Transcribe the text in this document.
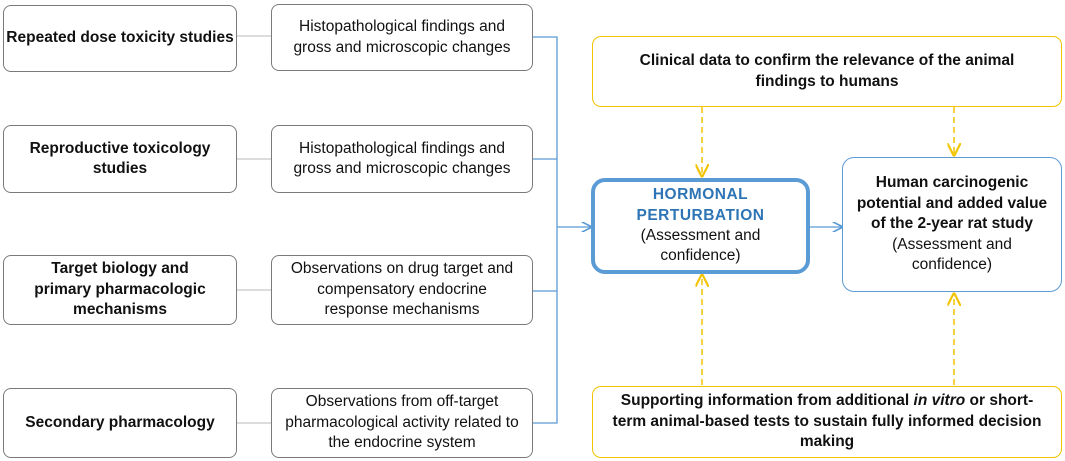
Repeated dose toxicity studies
Reproductive toxicology studies
Target biology and primary pharmacologic mechanisms
Secondary pharmacology
Histopathological findings and gross and microscopic changes
Histopathological findings and gross and microscopic changes
Observations on drug target and compensatory endocrine response mechanisms
Observations from off-target pharmacological activity related to the endocrine system
Clinical data to confirm the relevance of the animal findings to humans
HORMONAL PERTURBATION
(Assessment and confidence)
Human carcinogenic potential and added value of the 2-year rat study (Assessment and confidence)
Supporting information from additional in vitro or short-term animal-based tests to sustain fully informed decision making
